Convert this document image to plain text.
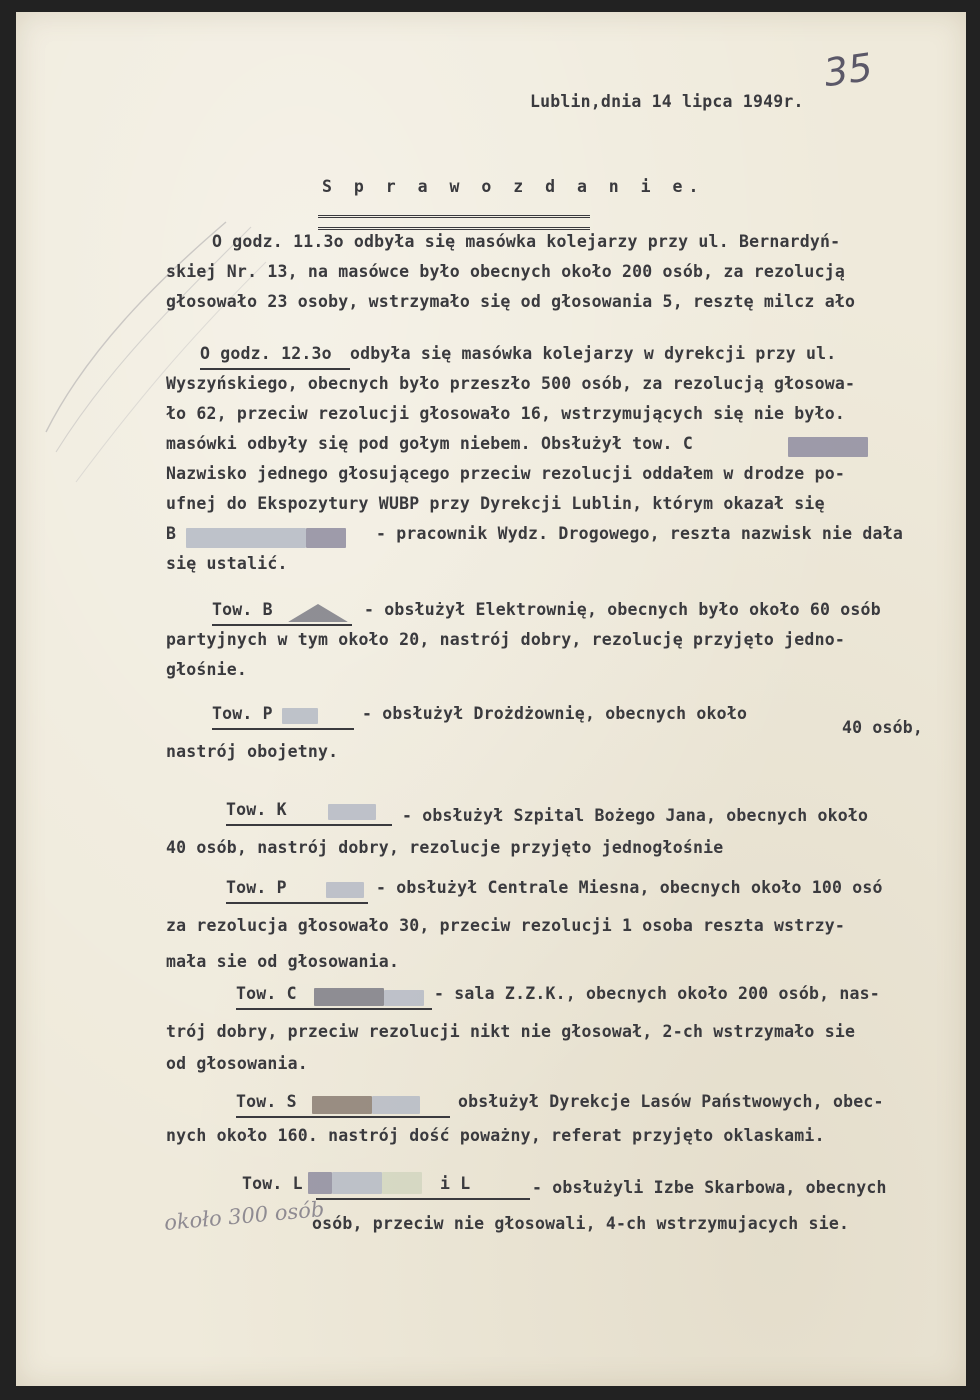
35
Lublin,dnia 14 lipca 1949r.
S p r a w o z d a n i e.
O godz. 11.3o odbyła się masówka kolejarzy przy ul. Bernardyń-
skiej Nr. 13, na masówce było obecnych około 200 osób, za rezolucją
głosowało 23 osoby, wstrzymało się od głosowania 5, resztę milcz ało
O godz. 12.3o odbyła się masówka kolejarzy w dyrekcji przy ul.
Wyszyńskiego, obecnych było przeszło 500 osób, za rezolucją głosowa-
ło 62, przeciw rezolucji głosowało 16, wstrzymujących się nie było.
masówki odbyły się pod gołym niebem. Obsłużył tow. C
Nazwisko jednego głosującego przeciw rezolucji oddałem w drodze po-
ufnej do Ekspozytury WUBP przy Dyrekcji Lublin, którym okazał się
B	- pracownik Wydz. Drogowego, reszta nazwisk nie dała
się ustalić.
Tow. B	- obsłużył Elektrownię, obecnych było około 60 osób
partyjnych w tym około 20, nastrój dobry, rezolucję przyjęto jedno-
głośnie.
Tow. P	- obsłużył Drożdżownię, obecnych około
40 osób,
nastrój obojetny.
Tow. K	- obsłużył Szpital Bożego Jana, obecnych około
40 osób, nastrój dobry, rezolucje przyjęto jednogłośnie
Tow. P	- obsłużył Centrale Miesna, obecnych około 100 osó
za rezolucja głosowało 30, przeciw rezolucji 1 osoba reszta wstrzy-
mała sie od głosowania.
Tow. C	- sala Z.Z.K., obecnych około 200 osób, nas-
trój dobry, przeciw rezolucji nikt nie głosował, 2-ch wstrzymało sie
od głosowania.
Tow. S	obsłużył Dyrekcje Lasów Państwowych, obec-
nych około 160. nastrój dość poważny, referat przyjęto oklaskami.
Tow. L	i L	- obsłużyli Izbe Skarbowa, obecnych
około 300 osób
osób, przeciw nie głosowali, 4-ch wstrzymujacych sie.
